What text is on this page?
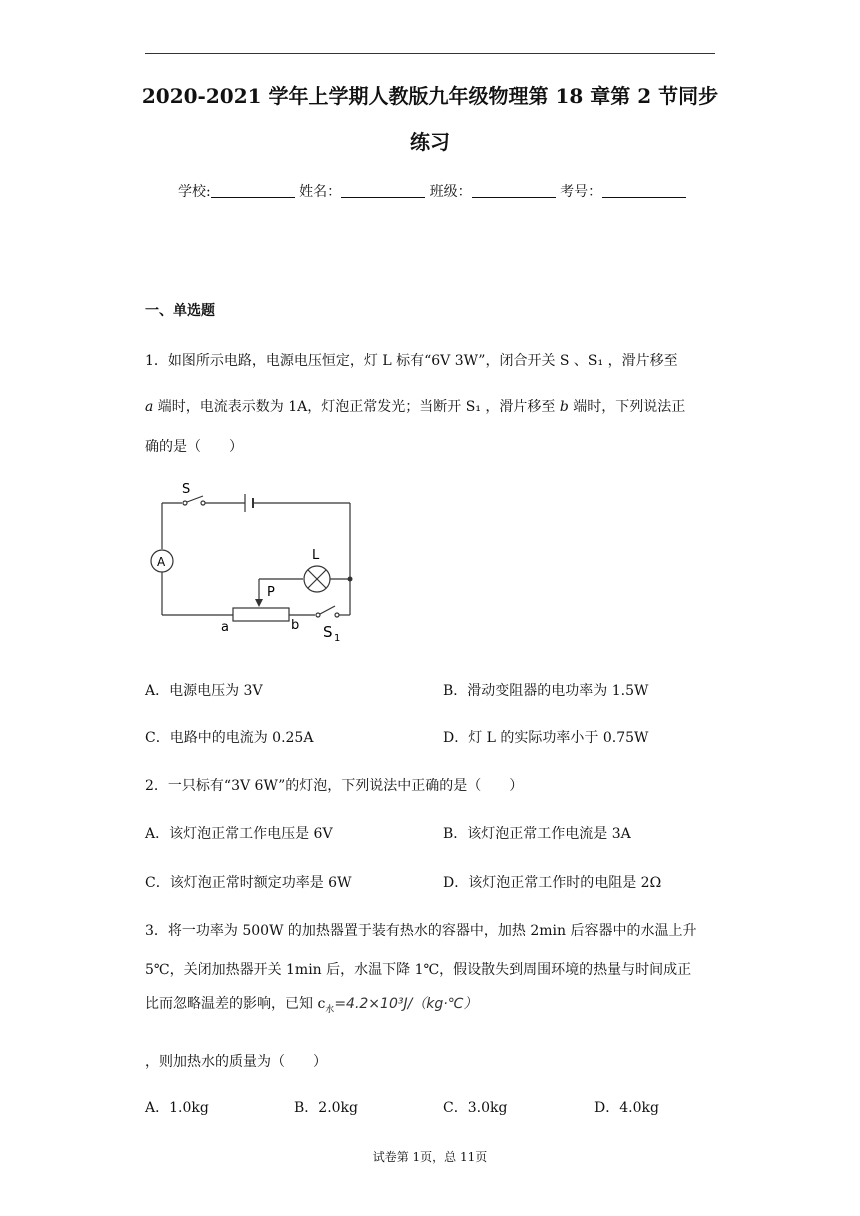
2020-2021 学年上学期人教版九年级物理第 18 章第 2 节同步
练习
学校:	姓名：	班级：	考号：
一、单选题
1．如图所示电路，电源电压恒定，灯 L 标有“6V 3W”，闭合开关 S 、S₁ ，滑片移至
a 端时，电流表示数为 1A，灯泡正常发光；当断开 S₁ ，滑片移至 b 端时，下列说法正
确的是（　　）
S
A	L
P
a	b S 1
A．电源电压为 3V	B．滑动变阻器的电功率为 1.5W
C．电路中的电流为 0.25A	D．灯 L 的实际功率小于 0.75W
2．一只标有“3V 6W”的灯泡，下列说法中正确的是（　　）
A．该灯泡正常工作电压是 6V	B．该灯泡正常工作电流是 3A
C．该灯泡正常时额定功率是 6W	D．该灯泡正常工作时的电阻是 2Ω
3．将一功率为 500W 的加热器置于装有热水的容器中，加热 2min 后容器中的水温上升
5℃，关闭加热器开关 1min 后，水温下降 1℃，假设散失到周围环境的热量与时间成正
比而忽略温差的影响，已知 $c_水=4.2\times 10^3J/(kg\cdot℃)$
，则加热水的质量为（　　）
A．1.0kg	B．2.0kg	C．3.0kg	D．4.0kg
试卷第 1页，总 11页
